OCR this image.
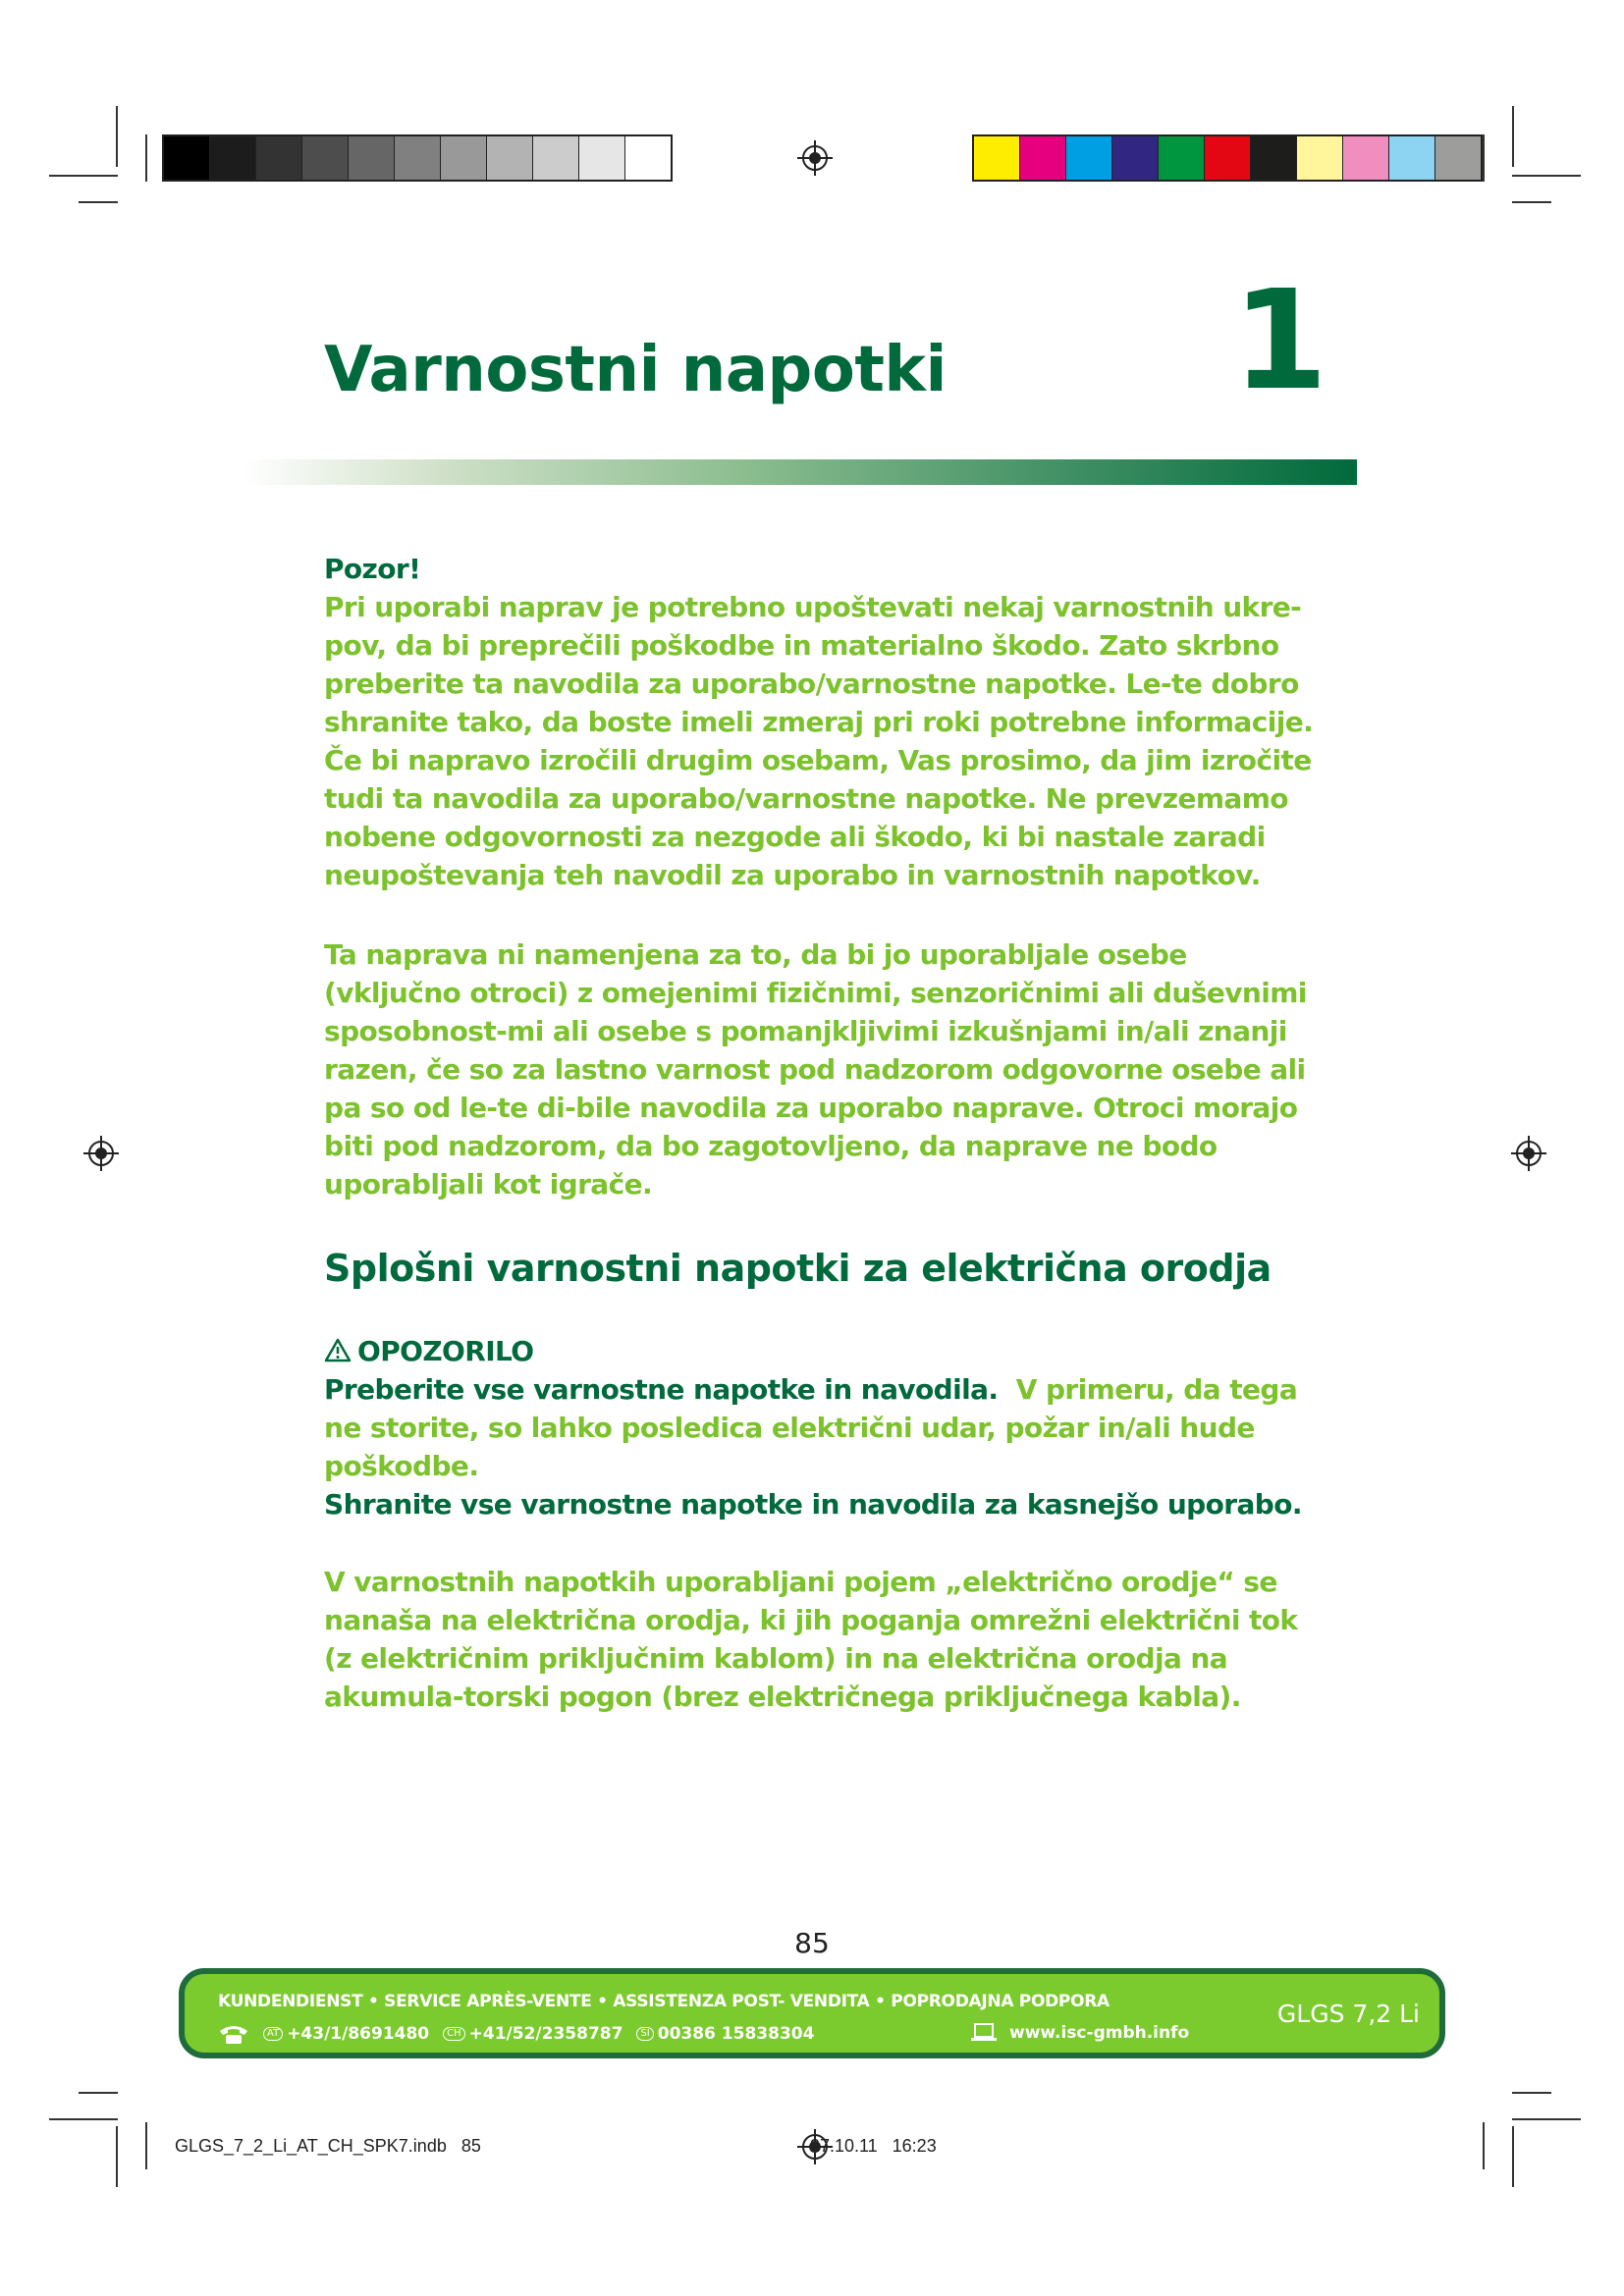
Varnostni napotki 1

Pozor!

Pri uporabi naprav je potrebno upoštevati nekaj varnostnih ukre-pov, da bi preprečili poškodbe in materialno škodo. Zato skrbno preberite ta navodila za uporabo/varnostne napotke. Le-te dobro shranite tako, da boste imeli zmeraj pri roki potrebne informacije. Če bi napravo izročili drugim osebam, Vas prosimo, da jim izročite tudi ta navodila za uporabo/varnostne napotke. Ne prevzemamo nobene odgovornosti za nezgode ali škodo, ki bi nastale zaradi neupoštevanja teh navodil za uporabo in varnostnih napotkov.

Ta naprava ni namenjena za to, da bi jo uporabljale osebe (vključno otroci) z omejenimi fizičnimi, senzoričnimi ali duševnimi sposobnost-mi ali osebe s pomanjkljivimi izkušnjami in/ali znanji razen, če so za lastno varnost pod nadzorom odgovorne osebe ali pa so od le-te di-bile navodila za uporabo naprave. Otroci morajo biti pod nadzorom, da bo zagotovljeno, da naprave ne bodo uporabljali kot igrače.

Splošni varnostni napotki za električna orodja

OPOZORILO

Preberite vse varnostne napotke in navodila. V primeru, da tega ne storite, so lahko posledica električni udar, požar in/ali hude poškodbe.

Shranite vse varnostne napotke in navodila za kasnejšo uporabo.

V varnostnih napotkih uporabljani pojem „električno orodje“ se nanaša na električna orodja, ki jih poganja omrežni električni tok (z električnim priključnim kablom) in na električna orodja na akumula-torski pogon (brez električnega priključnega kabla).

85
KUNDENDIENST • SERVICE APRÈS-VENTE • ASSISTENZA POST- VENDITA • POPRODAJNA PODPORA
AT +43/1/8691480	CH +41/52/2358787	SI 00386 15838304	www.isc-gmbh.info
GLGS 7,2 Li
GLGS_7_2_Li_AT_CH_SPK7.indb   85                                                                   27.10.11   16:23
